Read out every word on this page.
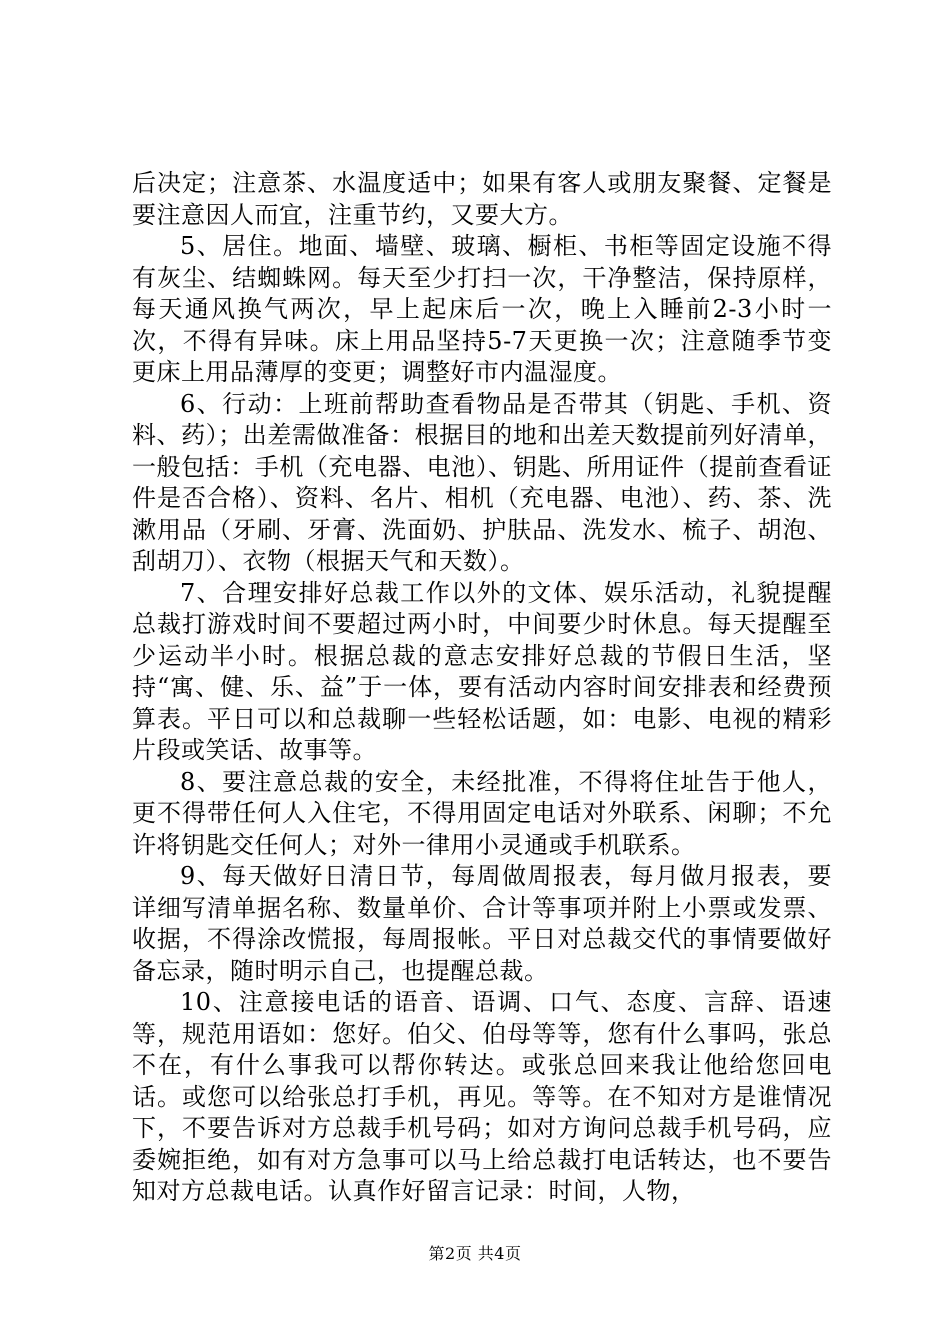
后决定；注意茶、水温度适中；如果有客人或朋友聚餐、定餐是要注意因人而宜，注重节约，又要大方。

5、居住。地面、墙壁、玻璃、橱柜、书柜等固定设施不得有灰尘、结蜘蛛网。每天至少打扫一次，干净整洁，保持原样，每天通风换气两次，早上起床后一次，晚上入睡前2-3小时一次，不得有异味。床上用品坚持5-7天更换一次；注意随季节变更床上用品薄厚的变更；调整好市内温湿度。

6、行动：上班前帮助查看物品是否带其（钥匙、手机、资料、药）；出差需做准备：根据目的地和出差天数提前列好清单，一般包括：手机（充电器、电池）、钥匙、所用证件（提前查看证件是否合格）、资料、名片、相机（充电器、电池）、药、茶、洗漱用品（牙刷、牙膏、洗面奶、护肤品、洗发水、梳子、胡泡、刮胡刀）、衣物（根据天气和天数）。

7、合理安排好总裁工作以外的文体、娱乐活动，礼貌提醒总裁打游戏时间不要超过两小时，中间要少时休息。每天提醒至少运动半小时。根据总裁的意志安排好总裁的节假日生活，坚持“寓、健、乐、益”于一体，要有活动内容时间安排表和经费预算表。平日可以和总裁聊一些轻松话题，如：电影、电视的精彩片段或笑话、故事等。

8、要注意总裁的安全，未经批准，不得将住址告于他人，更不得带任何人入住宅，不得用固定电话对外联系、闲聊；不允许将钥匙交任何人；对外一律用小灵通或手机联系。

9、每天做好日清日节，每周做周报表，每月做月报表，要详细写清单据名称、数量单价、合计等事项并附上小票或发票、收据，不得涂改慌报，每周报帐。平日对总裁交代的事情要做好备忘录，随时明示自己，也提醒总裁。

10、注意接电话的语音、语调、口气、态度、言辞、语速等，规范用语如：您好。伯父、伯母等等，您有什么事吗，张总不在，有什么事我可以帮你转达。或张总回来我让他给您回电话。或您可以给张总打手机，再见。等等。在不知对方是谁情况下，不要告诉对方总裁手机号码；如对方询问总裁手机号码，应委婉拒绝，如有对方急事可以马上给总裁打电话转达，也不要告知对方总裁电话。认真作好留言记录：时间，人物，

第2页 共4页
